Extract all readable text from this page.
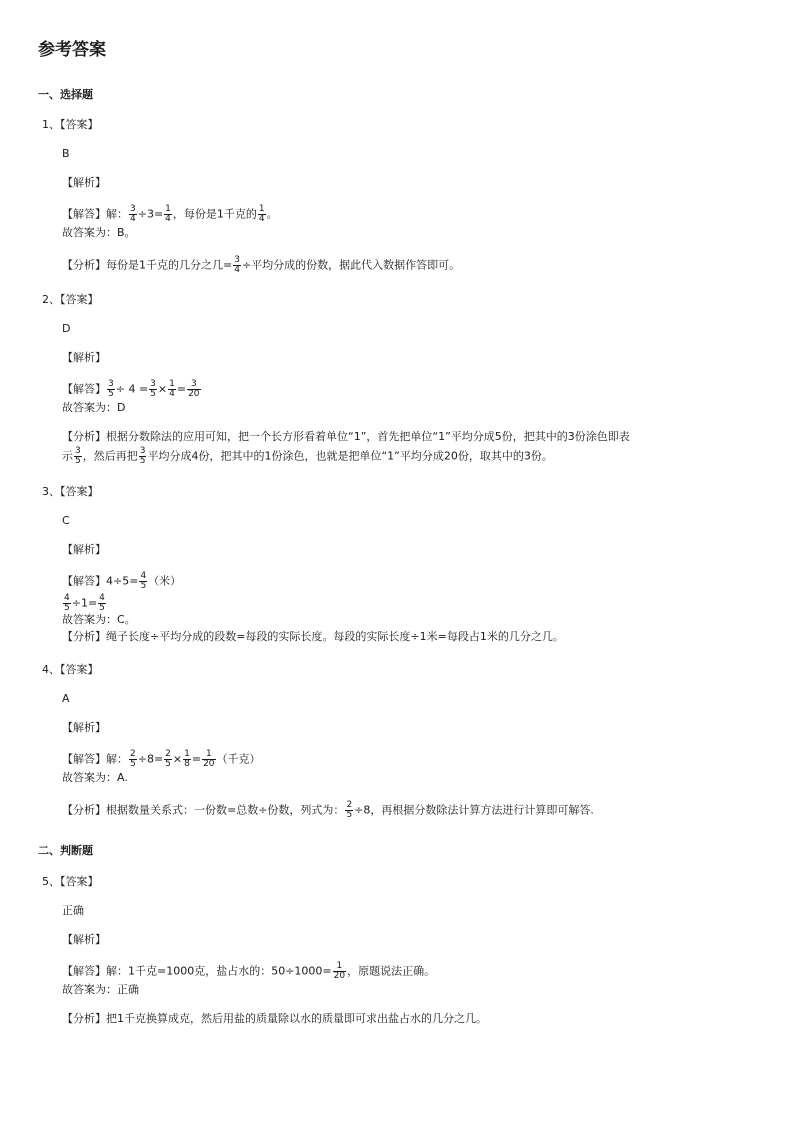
参考答案
一、选择题
1、【答案】
B
【解析】
【解答】解： $\frac{3}{4} \div 3= \frac{1}{4}$ ，每份是1千克的 $\frac{1}{4}$ 。
故答案为：B。
【分析】每份是1千克的几分之几= $\frac{3}{4}$ ÷平均分成的份数，据此代入数据作答即可。
2、【答案】
D
【解析】
【解答】 $\frac{3}{5} \div 4 = \frac{3}{5} \times \frac{1}{4} = \frac{3}{20}$
故答案为：D
【分析】根据分数除法的应用可知，把一个长方形看着单位“1”，首先把单位“1”平均分成5份，把其中的3份涂色即表
示 $\frac{3}{5}$ ，然后再把 $\frac{3}{5}$ 平均分成4份，把其中的1份涂色，也就是把单位“1”平均分成20份，取其中的3份。
3、【答案】
C
【解析】
【解答】$4\div 5= \frac{4}{5}$ （米）
$\frac{4}{5} \div 1= \frac{4}{5}$
故答案为：C。
【分析】绳子长度÷平均分成的段数=每段的实际长度。每段的实际长度÷1米=每段占1米的几分之几。
4、【答案】
A
【解析】
【解答】解： $\frac{2}{5} \div 8= \frac{2}{5} \times \frac{1}{8} = \frac{1}{20}$ （千克）
故答案为：A.
【分析】根据数量关系式：一份数=总数÷份数，列式为： $\frac{2}{5} \div 8$，再根据分数除法计算方法进行计算即可解答.
二、判断题
5、【答案】
正确
【解析】
【解答】解：1千克=1000克，盐占水的：$50\div 1000= \frac{1}{20}$ ，原题说法正确。
故答案为：正确
【分析】把1千克换算成克，然后用盐的质量除以水的质量即可求出盐占水的几分之几。
